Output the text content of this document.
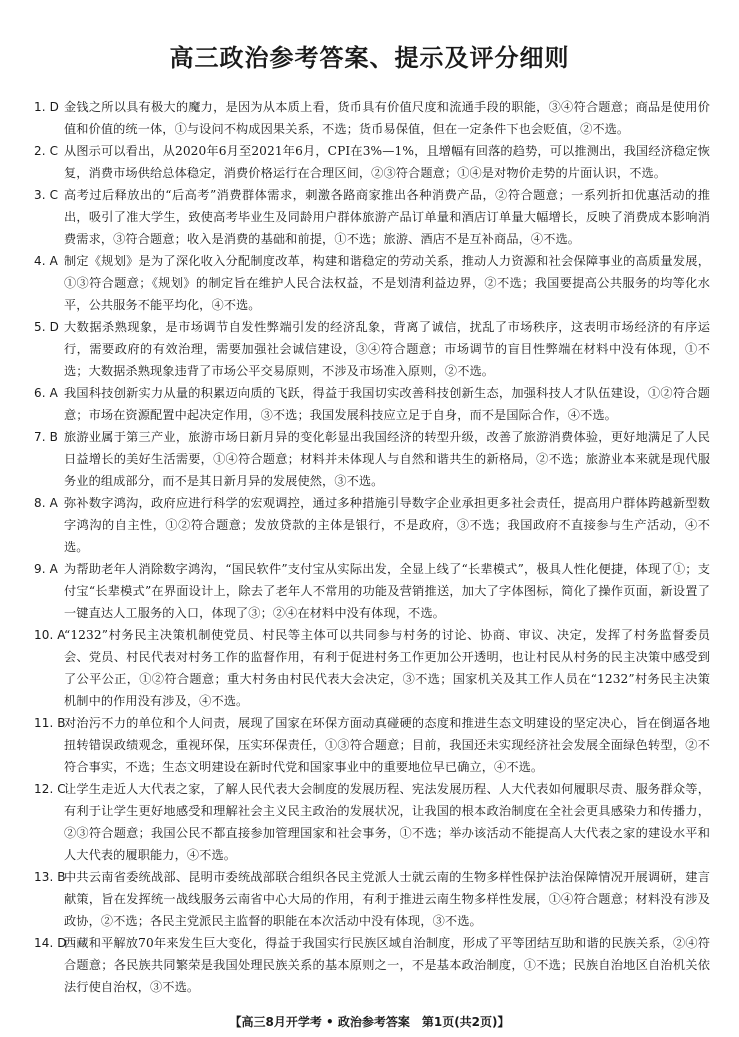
高三政治参考答案、提示及评分细则
1. D 金钱之所以具有极大的魔力，是因为从本质上看，货币具有价值尺度和流通手段的职能，③④符合题意；商品是使用价值和价值的统一体，①与设问不构成因果关系，不选；货币易保值，但在一定条件下也会贬值，②不选。
2. C 从图示可以看出，从2020年6月至2021年6月，CPI在3%—1%，且增幅有回落的趋势，可以推测出，我国经济稳定恢复，消费市场供给总体稳定，消费价格运行在合理区间，②③符合题意；①④是对物价走势的片面认识，不选。
3. C 高考过后释放出的“后高考”消费群体需求，刺激各路商家推出各种消费产品，②符合题意；一系列折扣优惠活动的推出，吸引了准大学生，致使高考毕业生及同龄用户群体旅游产品订单量和酒店订单量大幅增长，反映了消费成本影响消费需求，③符合题意；收入是消费的基础和前提，①不选；旅游、酒店不是互补商品，④不选。
4. A 制定《规划》是为了深化收入分配制度改革，构建和谐稳定的劳动关系，推动人力资源和社会保障事业的高质量发展，①③符合题意；《规划》的制定旨在维护人民合法权益，不是划清利益边界，②不选；我国要提高公共服务的均等化水平，公共服务不能平均化，④不选。
5. D 大数据杀熟现象，是市场调节自发性弊端引发的经济乱象，背离了诚信，扰乱了市场秩序，这表明市场经济的有序运行，需要政府的有效治理，需要加强社会诚信建设，③④符合题意；市场调节的盲目性弊端在材料中没有体现，①不选；大数据杀熟现象违背了市场公平交易原则，不涉及市场准入原则，②不选。
6. A 我国科技创新实力从量的积累迈向质的飞跃，得益于我国切实改善科技创新生态，加强科技人才队伍建设，①②符合题意；市场在资源配置中起决定作用，③不选；我国发展科技应立足于自身，而不是国际合作，④不选。
7. B 旅游业属于第三产业，旅游市场日新月异的变化彰显出我国经济的转型升级，改善了旅游消费体验，更好地满足了人民日益增长的美好生活需要，①④符合题意；材料并未体现人与自然和谐共生的新格局，②不选；旅游业本来就是现代服务业的组成部分，而不是其日新月异的发展使然，③不选。
8. A 弥补数字鸿沟，政府应进行科学的宏观调控，通过多种措施引导数字企业承担更多社会责任，提高用户群体跨越新型数字鸿沟的自主性，①②符合题意；发放贷款的主体是银行，不是政府，③不选；我国政府不直接参与生产活动，④不选。
9. A 为帮助老年人消除数字鸿沟，“国民软件”支付宝从实际出发，全显上线了“长辈模式”，极具人性化便捷，体现了①；支付宝“长辈模式”在界面设计上，除去了老年人不常用的功能及营销推送，加大了字体图标，简化了操作页面，新设置了一键直达人工服务的入口，体现了③；②④在材料中没有体现，不选。
10. A
“1232”村务民主决策机制使党员、村民等主体可以共同参与村务的讨论、协商、审议、决定，发挥了村务监督委员会、党员、村民代表对村务工作的监督作用，有利于促进村务工作更加公开透明，也让村民从村务的民主决策中感受到了公平公正，①②符合题意；重大村务由村民代表大会决定，③不选；国家机关及其工作人员在“1232”村务民主决策机制中的作用没有涉及，④不选。
11. B
对治污不力的单位和个人问责，展现了国家在环保方面动真碰硬的态度和推进生态文明建设的坚定决心，旨在倒逼各地扭转错误政绩观念，重视环保，压实环保责任，①③符合题意；目前，我国还未实现经济社会发展全面绿色转型，②不符合事实，不选；生态文明建设在新时代党和国家事业中的重要地位早已确立，④不选。
12. C
让学生走近人大代表之家，了解人民代表大会制度的发展历程、宪法发展历程、人大代表如何履职尽责、服务群众等，有利于让学生更好地感受和理解社会主义民主政治的发展状况，让我国的根本政治制度在全社会更具感染力和传播力，②③符合题意；我国公民不都直接参加管理国家和社会事务，①不选；举办该活动不能提高人大代表之家的建设水平和人大代表的履职能力，④不选。
13. B
中共云南省委统战部、昆明市委统战部联合组织各民主党派人士就云南的生物多样性保护法治保障情况开展调研，建言献策，旨在发挥统一战线服务云南省中心大局的作用，有利于推进云南生物多样性发展，①④符合题意；材料没有涉及政协，②不选；各民主党派民主监督的职能在本次活动中没有体现，③不选。
14. D
西藏和平解放70年来发生巨大变化，得益于我国实行民族区域自治制度，形成了平等团结互助和谐的民族关系，②④符合题意；各民族共同繁荣是我国处理民族关系的基本原则之一，不是基本政治制度，①不选；民族自治地区自治机关依法行使自治权，③不选。
【高三8月开学考 • 政治参考答案　第1页(共2页)】
